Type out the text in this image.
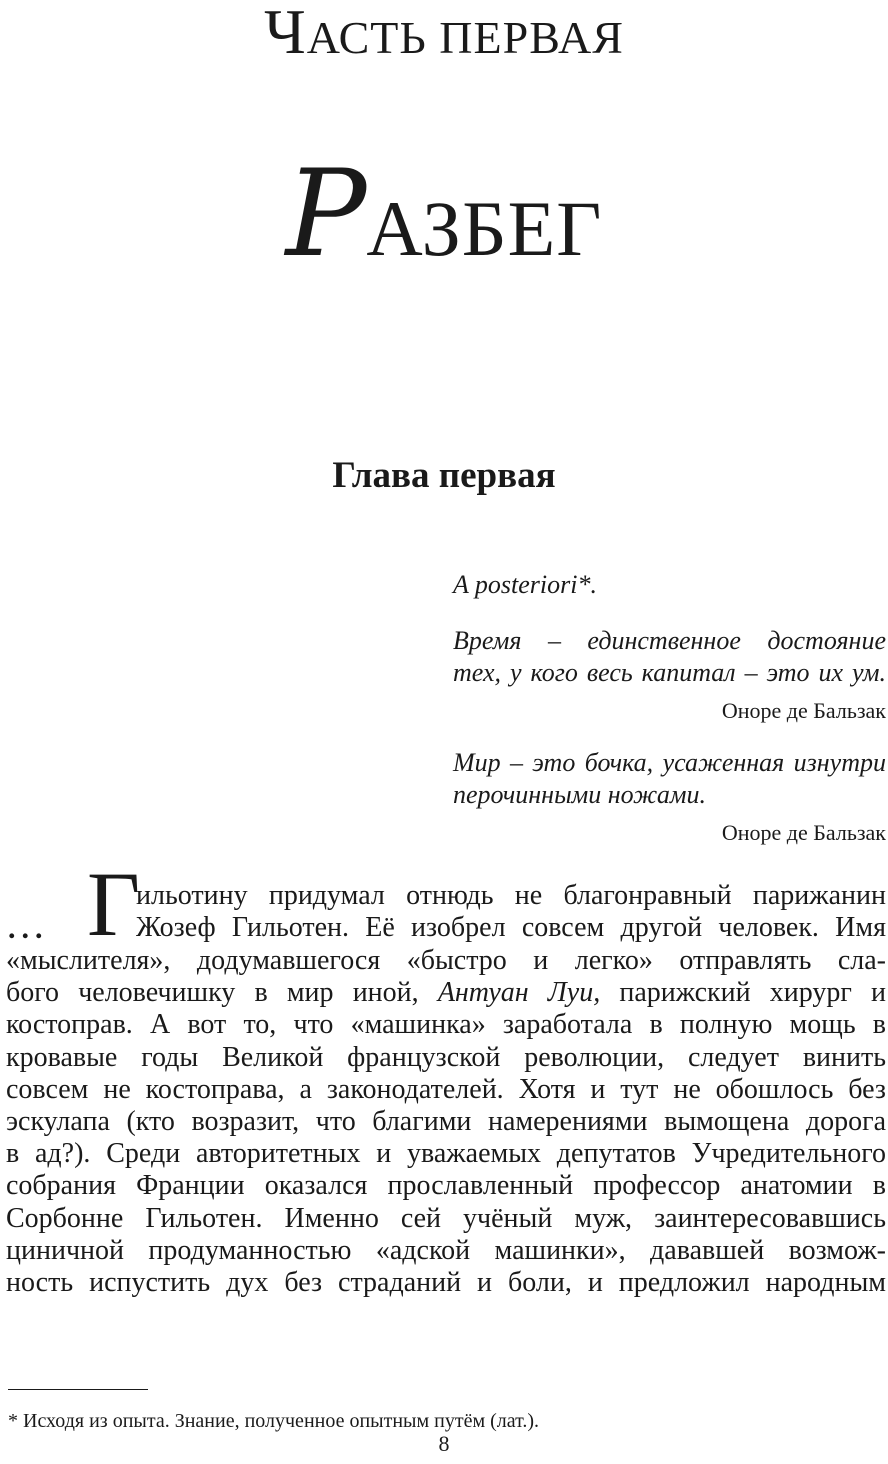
ЧАСТЬ ПЕРВАЯ
РАЗБЕГ
Глава первая
A posteriori*.
Время – единственное достояние
тех, у кого весь капитал – это их ум.
Оноре де Бальзак
Мир – это бочка, усаженная изнутри
перочинными ножами.
Оноре де Бальзак
... Г
ильотину придумал отнюдь не благонравный парижанин
Жозеф Гильотен. Её изобрел совсем другой человек. Имя
«мыслителя», додумавшегося «быстро и легко» отправлять сла-
бого человечишку в мир иной, Антуан Луи, парижский хирург и
костоправ. А вот то, что «машинка» заработала в полную мощь в
кровавые годы Великой французской революции, следует винить
совсем не костоправа, а законодателей. Хотя и тут не обошлось без
эскулапа (кто возразит, что благими намерениями вымощена дорога
в ад?). Среди авторитетных и уважаемых депутатов Учредительного
собрания Франции оказался прославленный профессор анатомии в
Сорбонне Гильотен. Именно сей учёный муж, заинтересовавшись
циничной продуманностью «адской машинки», дававшей возмож-
ность испустить дух без страданий и боли, и предложил народным
* Исходя из опыта. Знание, полученное опытным путём (лат.).
8
